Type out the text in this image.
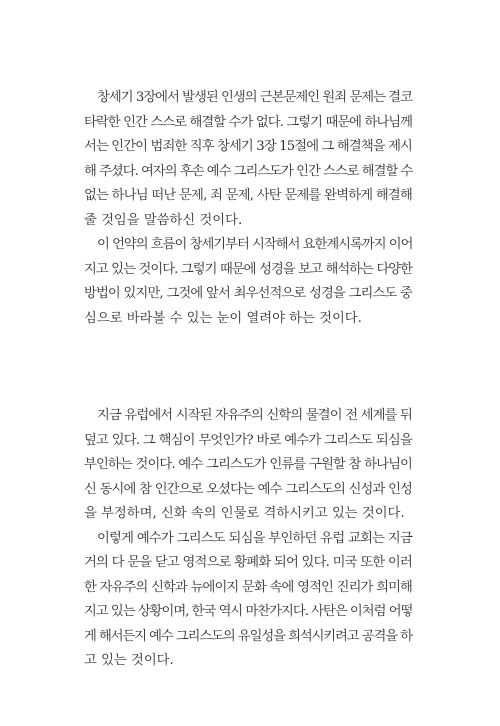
창세기 3장에서 발생된 인생의 근본문제인 원죄 문제는 결코
타락한 인간 스스로 해결할 수가 없다. 그렇기 때문에 하나님께
서는 인간이 범죄한 직후 창세기 3장 15절에 그 해결책을 제시
해 주셨다. 여자의 후손 예수 그리스도가 인간 스스로 해결할 수
없는 하나님 떠난 문제, 죄 문제, 사탄 문제를 완벽하게 해결해
줄 것임을 말씀하신 것이다.
이 언약의 흐름이 창세기부터 시작해서 요한계시록까지 이어
지고 있는 것이다. 그렇기 때문에 성경을 보고 해석하는 다양한
방법이 있지만, 그것에 앞서 최우선적으로 성경을 그리스도 중
심으로 바라볼 수 있는 눈이 열려야 하는 것이다.
지금 유럽에서 시작된 자유주의 신학의 물결이 전 세계를 뒤
덮고 있다. 그 핵심이 무엇인가? 바로 예수가 그리스도 되심을
부인하는 것이다. 예수 그리스도가 인류를 구원할 참 하나님이
신 동시에 참 인간으로 오셨다는 예수 그리스도의 신성과 인성
을 부정하며, 신화 속의 인물로 격하시키고 있는 것이다.
이렇게 예수가 그리스도 되심을 부인하던 유럽 교회는 지금
거의 다 문을 닫고 영적으로 황폐화 되어 있다. 미국 또한 이러
한 자유주의 신학과 뉴에이지 문화 속에 영적인 진리가 희미해
지고 있는 상황이며, 한국 역시 마찬가지다. 사탄은 이처럼 어떻
게 해서든지 예수 그리스도의 유일성을 희석시키려고 공격을 하
고 있는 것이다.
